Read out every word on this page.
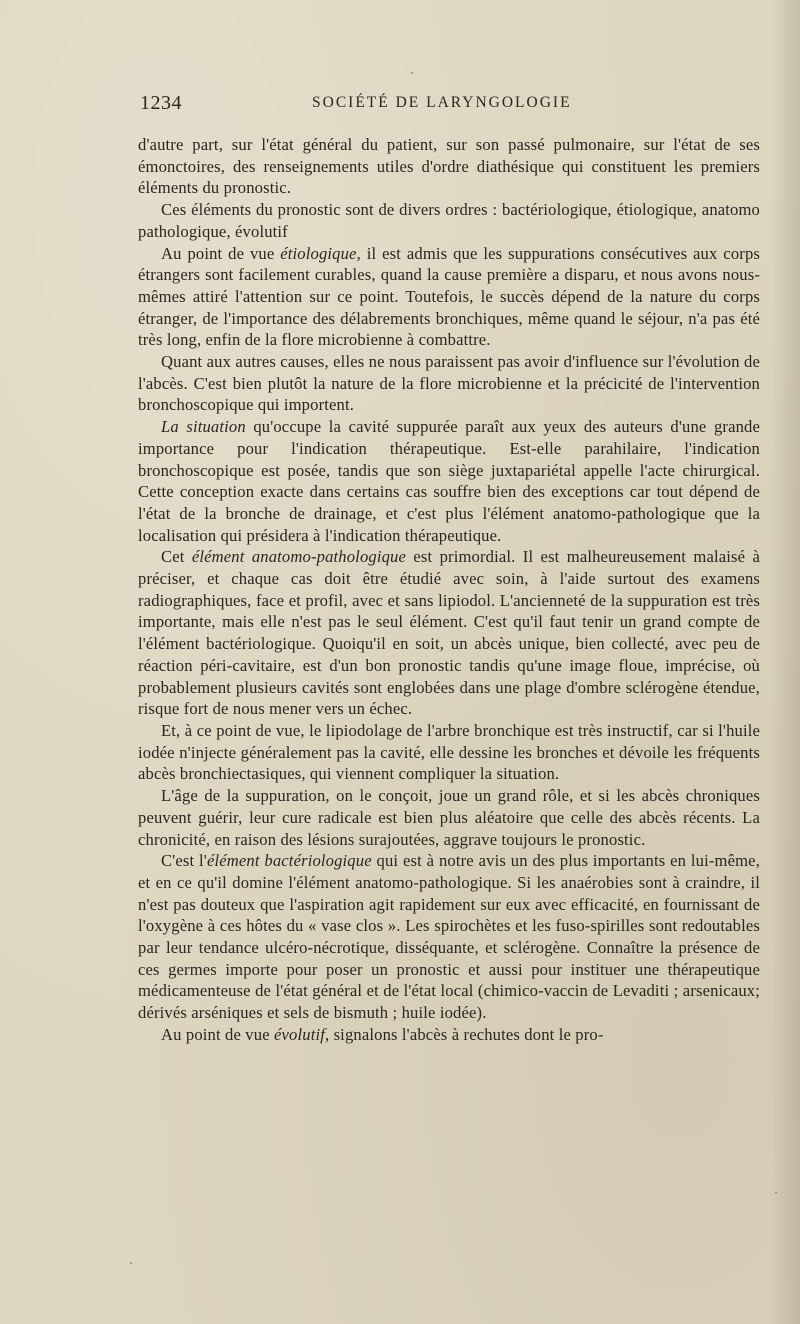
1234	SOCIÉTÉ DE LARYNGOLOGIE

d'autre part, sur l'état général du patient, sur son passé pulmonaire, sur l'état de ses émonctoires, des renseignements utiles d'ordre diathésique qui constituent les premiers éléments du pronostic.

Ces éléments du pronostic sont de divers ordres : bactériologique, étiologique, anatomo pathologique, évolutif

Au point de vue étiologique, il est admis que les suppurations consécutives aux corps étrangers sont facilement curables, quand la cause première a disparu, et nous avons nous-mêmes attiré l'attention sur ce point. Toutefois, le succès dépend de la nature du corps étranger, de l'importance des délabrements bronchiques, même quand le séjour, n'a pas été très long, enfin de la flore microbienne à combattre.

Quant aux autres causes, elles ne nous paraissent pas avoir d'influence sur l'évolution de l'abcès. C'est bien plutôt la nature de la flore microbienne et la précicité de l'intervention bronchoscopique qui importent.

La situation qu'occupe la cavité suppurée paraît aux yeux des auteurs d'une grande importance pour l'indication thérapeutique. Est-elle parahilaire, l'indication bronchoscopique est posée, tandis que son siège juxtapariétal appelle l'acte chirurgical. Cette conception exacte dans certains cas souffre bien des exceptions car tout dépend de l'état de la bronche de drainage, et c'est plus l'élément anatomo-pathologique que la localisation qui présidera à l'indication thérapeutique.

Cet élément anatomo-pathologique est primordial. Il est malheureusement malaisé à préciser, et chaque cas doit être étudié avec soin, à l'aide surtout des examens radiographiques, face et profil, avec et sans lipiodol. L'ancienneté de la suppuration est très importante, mais elle n'est pas le seul élément. C'est qu'il faut tenir un grand compte de l'élément bactériologique. Quoiqu'il en soit, un abcès unique, bien collecté, avec peu de réaction péri-cavitaire, est d'un bon pronostic tandis qu'une image floue, imprécise, où probablement plusieurs cavités sont englobées dans une plage d'ombre sclérogène étendue, risque fort de nous mener vers un échec.

Et, à ce point de vue, le lipiodolage de l'arbre bronchique est très instructif, car si l'huile iodée n'injecte généralement pas la cavité, elle dessine les bronches et dévoile les fréquents abcès bronchiectasiques, qui viennent compliquer la situation.

L'âge de la suppuration, on le conçoit, joue un grand rôle, et si les abcès chroniques peuvent guérir, leur cure radicale est bien plus aléatoire que celle des abcès récents. La chronicité, en raison des lésions surajoutées, aggrave toujours le pronostic.

C'est l'élément bactériologique qui est à notre avis un des plus importants en lui-même, et en ce qu'il domine l'élément anatomo-pathologique. Si les anaérobies sont à craindre, il n'est pas douteux que l'aspiration agit rapidement sur eux avec efficacité, en fournissant de l'oxygène à ces hôtes du « vase clos ». Les spirochètes et les fuso-spirilles sont redoutables par leur tendance ulcéro-nécrotique, disséquante, et sclérogène. Connaître la présence de ces germes importe pour poser un pronostic et aussi pour instituer une thérapeutique médicamenteuse de l'état général et de l'état local (chimico-vaccin de Levaditi ; arsenicaux; dérivés arséniques et sels de bismuth ; huile iodée).

Au point de vue évolutif, signalons l'abcès à rechutes dont le pro-
